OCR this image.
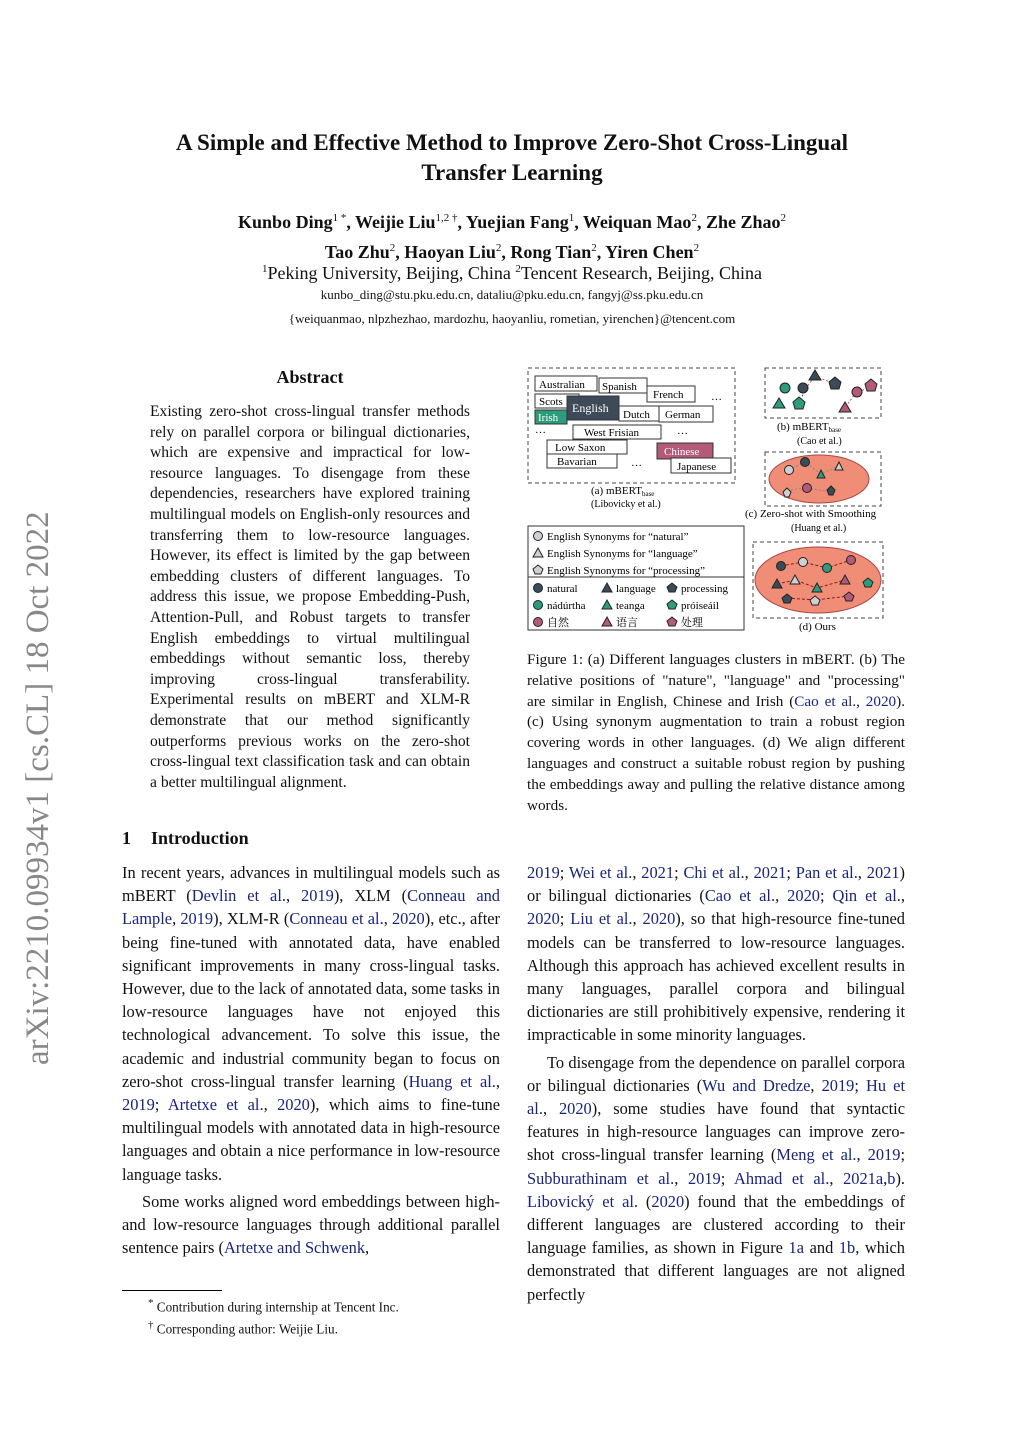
arXiv:2210.09934v1 [cs.CL] 18 Oct 2022
A Simple and Effective Method to Improve Zero-Shot Cross-Lingual
Transfer Learning
Kunbo Ding$^{1 *}$, Weijie Liu$^{1,2 \dagger}$, Yuejian Fang$^1$, Weiquan Mao$^2$, Zhe Zhao$^2$
Tao Zhu$^2$, Haoyan Liu$^2$, Rong Tian$^2$, Yiren Chen$^2$
$^1$Peking University, Beijing, China $^2$Tencent Research, Beijing, China
kunbo_ding@stu.pku.edu.cn, dataliu@pku.edu.cn, fangyj@ss.pku.edu.cn
{weiquanmao, nlpzhezhao, mardozhu, haoyanliu, rometian, yirenchen}@tencent.com
Abstract
Existing zero-shot cross-lingual transfer methods rely on parallel corpora or bilingual dictionaries, which are expensive and impractical for low-resource languages. To disengage from these dependencies, researchers have explored training multilingual models on English-only resources and transferring them to low-resource languages. However, its effect is limited by the gap between embedding clusters of different languages. To address this issue, we propose Embedding-Push, Attention-Pull, and Robust targets to transfer English embeddings to virtual multilingual embeddings without semantic loss, thereby improving cross-lingual transferability. Experimental results on mBERT and XLM-R demonstrate that our method significantly outperforms previous works on the zero-shot cross-lingual text classification task and can obtain a better multilingual alignment.
1 Introduction

In recent years, advances in multilingual models such as mBERT (Devlin et al., 2019), XLM (Conneau and Lample, 2019), XLM-R (Conneau et al., 2020), etc., after being fine-tuned with annotated data, have enabled significant improvements in many cross-lingual tasks. However, due to the lack of annotated data, some tasks in low-resource languages have not enjoyed this technological advancement. To solve this issue, the academic and industrial community began to focus on zero-shot cross-lingual transfer learning (Huang et al., 2019; Artetxe et al., 2020), which aims to fine-tune multilingual models with annotated data in high-resource languages and obtain a nice performance in low-resource language tasks.

Some works aligned word embeddings between high- and low-resource languages through additional parallel sentence pairs (Artetxe and Schwenk,

* Contribution during internship at Tencent Inc.
† Corresponding author: Weijie Liu.

2019; Wei et al., 2021; Chi et al., 2021; Pan et al., 2021) or bilingual dictionaries (Cao et al., 2020; Qin et al., 2020; Liu et al., 2020), so that high-resource fine-tuned models can be transferred to low-resource languages. Although this approach has achieved excellent results in many languages, parallel corpora and bilingual dictionaries are still prohibitively expensive, rendering it impracticable in some minority languages.

To disengage from the dependence on parallel corpora or bilingual dictionaries (Wu and Dredze, 2019; Hu et al., 2020), some studies have found that syntactic features in high-resource languages can improve zero-shot cross-lingual transfer learning (Meng et al., 2019; Subburathinam et al., 2019; Ahmad et al., 2021a,b). Libovický et al. (2020) found that the embeddings of different languages are clustered according to their language families, as shown in Figure 1a and 1b, which demonstrated that different languages are not aligned perfectly

Australian Spanish
French …
Scots English
Irish	Dutch German
…	West Frisian	…
Low Saxon	Chinese
Bavarian	…	Japanese
(a) mBERTbase
(Libovicky et al.)
(b) mBERTbase
(Cao et al.)
(c) Zero-shot with Smoothing
(Huang et al.)
English Synonyms for “natural”
English Synonyms for “language”
English Synonyms for “processing”
natural	language processing
nádúrtha	teanga	próiseáil
自然	语言	处理	(d) Ours
Figure 1: (a) Different languages clusters in mBERT. (b) The relative positions of "nature", "language" and "processing" are similar in English, Chinese and Irish (Cao et al., 2020). (c) Using synonym augmentation to train a robust region covering words in other languages. (d) We align different languages and construct a suitable robust region by pushing the embeddings away and pulling the relative distance among words.
